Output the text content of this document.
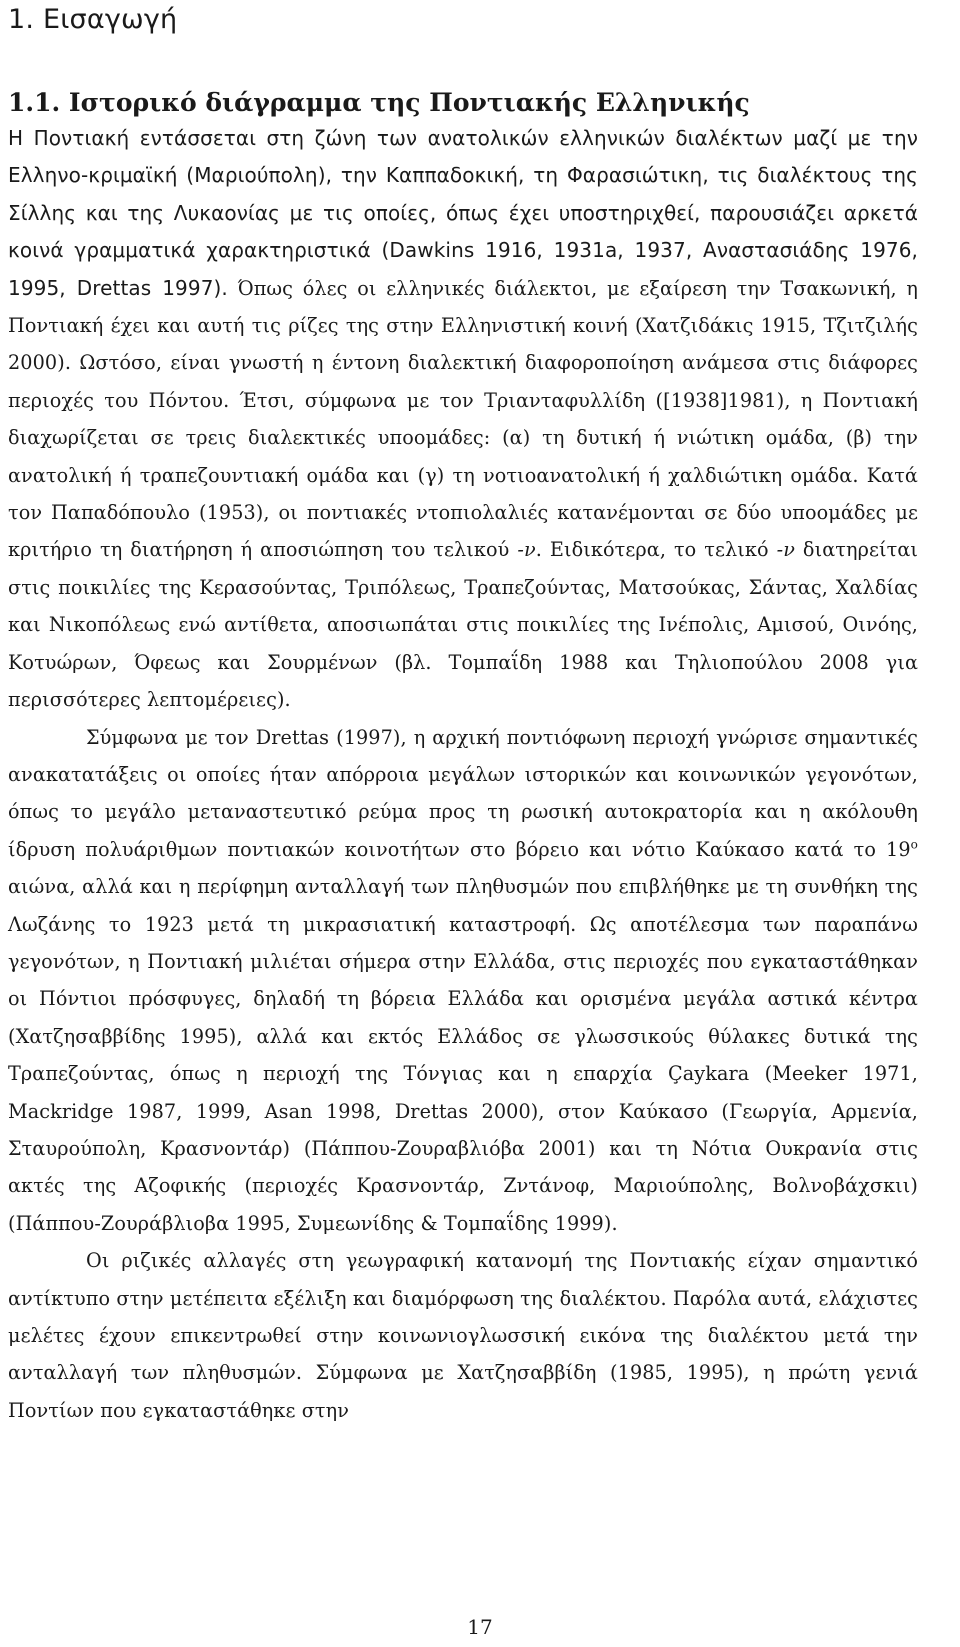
1. Εισαγωγή
1.1. Ιστορικό διάγραμμα της Ποντιακής Ελληνικής

Η Ποντιακή εντάσσεται στη ζώνη των ανατολικών ελληνικών διαλέκτων μαζί με την Ελληνο-κριμαϊκή (Μαριούπολη), την Καππαδοκική, τη Φαρασιώτικη, τις διαλέκτους της Σίλλης και της Λυκαονίας με τις οποίες, όπως έχει υποστηριχθεί, παρουσιάζει αρκετά κοινά γραμματικά χαρακτηριστικά (Dawkins 1916, 1931a, 1937, Αναστασιάδης 1976, 1995, Drettas 1997). Όπως όλες οι ελληνικές διάλεκτοι, με εξαίρεση την Τσακωνική, η Ποντιακή έχει και αυτή τις ρίζες της στην Ελληνιστική κοινή (Χατζιδάκις 1915, Τζιτζιλής 2000). Ωστόσο, είναι γνωστή η έντονη διαλεκτική διαφοροποίηση ανάμεσα στις διάφορες περιοχές του Πόντου. Έτσι, σύμφωνα με τον Τριανταφυλλίδη ([1938]1981), η Ποντιακή διαχωρίζεται σε τρεις διαλεκτικές υποομάδες: (α) τη δυτική ή νιώτικη ομάδα, (β) την ανατολική ή τραπεζουντιακή ομάδα και (γ) τη νοτιοανατολική ή χαλδιώτικη ομάδα. Κατά τον Παπαδόπουλο (1953), οι ποντιακές ντοπιολαλιές κατανέμονται σε δύο υποομάδες με κριτήριο τη διατήρηση ή αποσιώπηση του τελικού -ν. Ειδικότερα, το τελικό -ν διατηρείται στις ποικιλίες της Κερασούντας, Τριπόλεως, Τραπεζούντας, Ματσούκας, Σάντας, Χαλδίας και Νικοπόλεως ενώ αντίθετα, αποσιωπάται στις ποικιλίες της Ινέπολις, Αμισού, Οινόης, Κοτυώρων, Όφεως και Σουρμένων (βλ. Τομπαΐδη 1988 και Τηλιοπούλου 2008 για περισσότερες λεπτομέρειες).

Σύμφωνα με τον Drettas (1997), η αρχική ποντιόφωνη περιοχή γνώρισε σημαντικές ανακατατάξεις οι οποίες ήταν απόρροια μεγάλων ιστορικών και κοινωνικών γεγονότων, όπως το μεγάλο μεταναστευτικό ρεύμα προς τη ρωσική αυτοκρατορία και η ακόλουθη ίδρυση πολυάριθμων ποντιακών κοινοτήτων στο βόρειο και νότιο Καύκασο κατά το $19^o$ αιώνα, αλλά και η περίφημη ανταλλαγή των πληθυσμών που επιβλήθηκε με τη συνθήκη της Λωζάνης το 1923 μετά τη μικρασιατική καταστροφή. Ως αποτέλεσμα των παραπάνω γεγονότων, η Ποντιακή μιλιέται σήμερα στην Ελλάδα, στις περιοχές που εγκαταστάθηκαν οι Πόντιοι πρόσφυγες, δηλαδή τη βόρεια Ελλάδα και ορισμένα μεγάλα αστικά κέντρα (Χατζησαββίδης 1995), αλλά και εκτός Ελλάδος σε γλωσσικούς θύλακες δυτικά της Τραπεζούντας, όπως η περιοχή της Τόνγιας και η επαρχία Çaykara (Meeker 1971, Mackridge 1987, 1999, Asan 1998, Drettas 2000), στον Καύκασο (Γεωργία, Αρμενία, Σταυρούπολη, Κρασνοντάρ) (Πάππου-Ζουραβλιόβα 2001) και τη Νότια Ουκρανία στις ακτές της Αζοφικής (περιοχές Κρασνοντάρ, Ζντάνοφ, Μαριούπολης, Βολνοβάχσκιι) (Πάππου-Ζουράβλιοβα 1995, Συμεωνίδης & Τομπαΐδης 1999).

Οι ριζικές αλλαγές στη γεωγραφική κατανομή της Ποντιακής είχαν σημαντικό αντίκτυπο στην μετέπειτα εξέλιξη και διαμόρφωση της διαλέκτου. Παρόλα αυτά, ελάχιστες μελέτες έχουν επικεντρωθεί στην κοινωνιογλωσσική εικόνα της διαλέκτου μετά την ανταλλαγή των πληθυσμών. Σύμφωνα με Χατζησαββίδη (1985, 1995), η πρώτη γενιά Ποντίων που εγκαταστάθηκε στην

17
